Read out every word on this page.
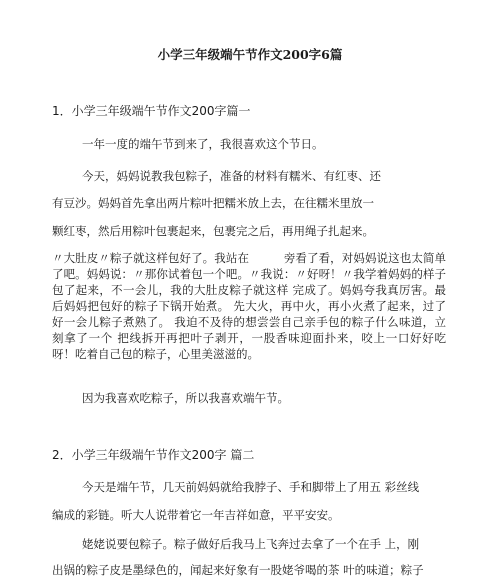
小学三年级端午节作文200字6篇
1．小学三年级端午节作文200字篇一
一年一度的端午节到来了，我很喜欢这个节日。
今天，妈妈说教我包粽子，准备的材料有糯米、有红枣、还
有豆沙。妈妈首先拿出两片粽叶把糯米放上去，在往糯米里放一
颗红枣，然后用粽叶包裹起来，包裹完之后，再用绳子扎起来。
〃大肚皮〃粽子就这样包好了。我站在　　　旁看了看，对妈妈说这也太简单了吧。妈妈说：〃那你试着包一个吧。〃我说：〃好呀！〃我学着妈妈的样子包了起来，不一会儿，我的大肚皮粽子就这样 完成了。妈妈夸我真厉害。最后妈妈把包好的粽子下锅开始煮。 先大火，再中火，再小火煮了起来，过了好一会儿粽子煮熟了。 我迫不及待的想尝尝自己亲手包的粽子什么味道，立刻拿了一个 把线拆开再把叶子剥开，一股香味迎面扑来，咬上一口好好吃呀！吃着自己包的粽子，心里美滋滋的。
因为我喜欢吃粽子，所以我喜欢端午节。
2．小学三年级端午节作文200字 篇二
今天是端午节，几天前妈妈就给我脖子、手和脚带上了用五 彩丝线
编成的彩链。听大人说带着它一年吉祥如意，平平安安。
姥姥说要包粽子。粽子做好后我马上飞奔过去拿了一个在手 上，刚
出锅的粽子皮是墨绿色的，闻起来好象有一股姥爷喝的茶 叶的味道；粽子
